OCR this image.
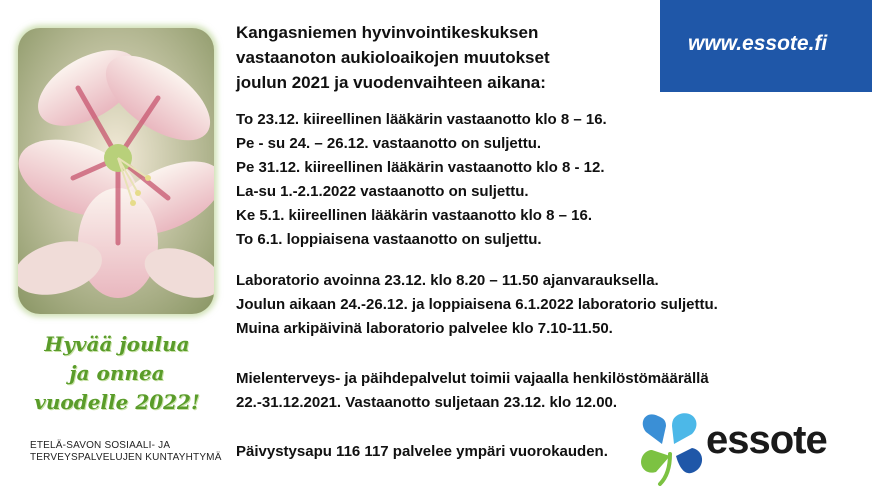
Hyvää joulua
ja onnea
vuodelle 2022!
ETELÄ-SAVON SOSIAALI- JA
TERVEYSPALVELUJEN KUNTAYHTYMÄ
www.essote.fi
Kangasniemen hyvinvointikeskuksen
vastaanoton aukioloaikojen muutokset
joulun 2021 ja vuodenvaihteen aikana:
To 23.12. kiireellinen lääkärin vastaanotto klo 8 – 16.
Pe - su 24. – 26.12. vastaanotto on suljettu.
Pe 31.12. kiireellinen lääkärin vastaanotto klo 8 - 12.
La-su 1.-2.1.2022 vastaanotto on suljettu.
Ke 5.1. kiireellinen lääkärin vastaanotto klo 8 – 16.
To 6.1. loppiaisena vastaanotto on suljettu.
Laboratorio avoinna 23.12. klo 8.20 – 11.50 ajanvarauksella.
Joulun aikaan 24.-26.12. ja loppiaisena 6.1.2022 laboratorio suljettu.
Muina arkipäivinä laboratorio palvelee klo 7.10-11.50.
Mielenterveys- ja päihdepalvelut toimii vajaalla henkilöstömäärällä
22.-31.12.2021. Vastaanotto suljetaan 23.12. klo 12.00.
Päivystysapu 116 117 palvelee ympäri vuorokauden. essote
